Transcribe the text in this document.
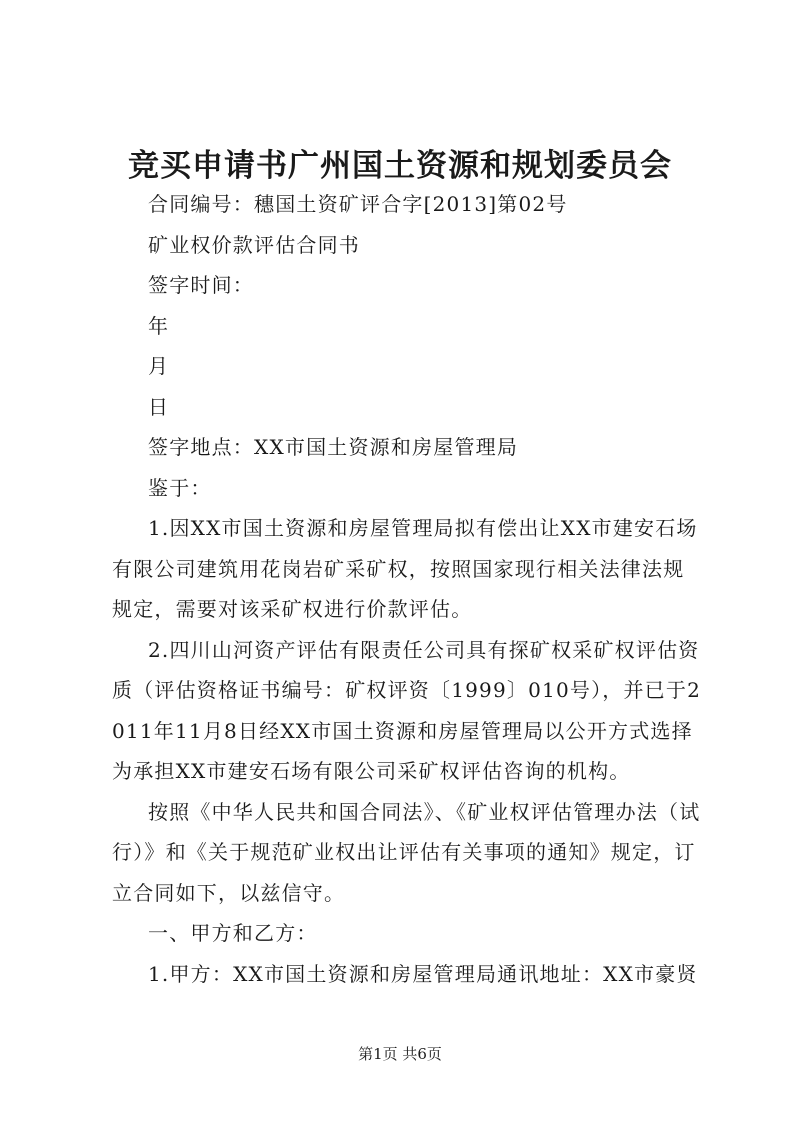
竞买申请书广州国土资源和规划委员会

合同编号：穗国土资矿评合字[2013]第02号

矿业权价款评估合同书

签字时间：

年

月

日

签字地点：XX市国土资源和房屋管理局

鉴于：

1.因XX市国土资源和房屋管理局拟有偿出让XX市建安石场有限公司建筑用花岗岩矿采矿权，按照国家现行相关法律法规规定，需要对该采矿权进行价款评估。

2.四川山河资产评估有限责任公司具有探矿权采矿权评估资质（评估资格证书编号：矿权评资〔1999〕010号），并已于2011年11月8日经XX市国土资源和房屋管理局以公开方式选择为承担XX市建安石场有限公司采矿权评估咨询的机构。

按照《中华人民共和国合同法》、《矿业权评估管理办法（试行）》和《关于规范矿业权出让评估有关事项的通知》规定，订立合同如下，以兹信守。

一、甲方和乙方：

1.甲方：XX市国土资源和房屋管理局通讯地址：XX市豪贤

第1页 共6页
